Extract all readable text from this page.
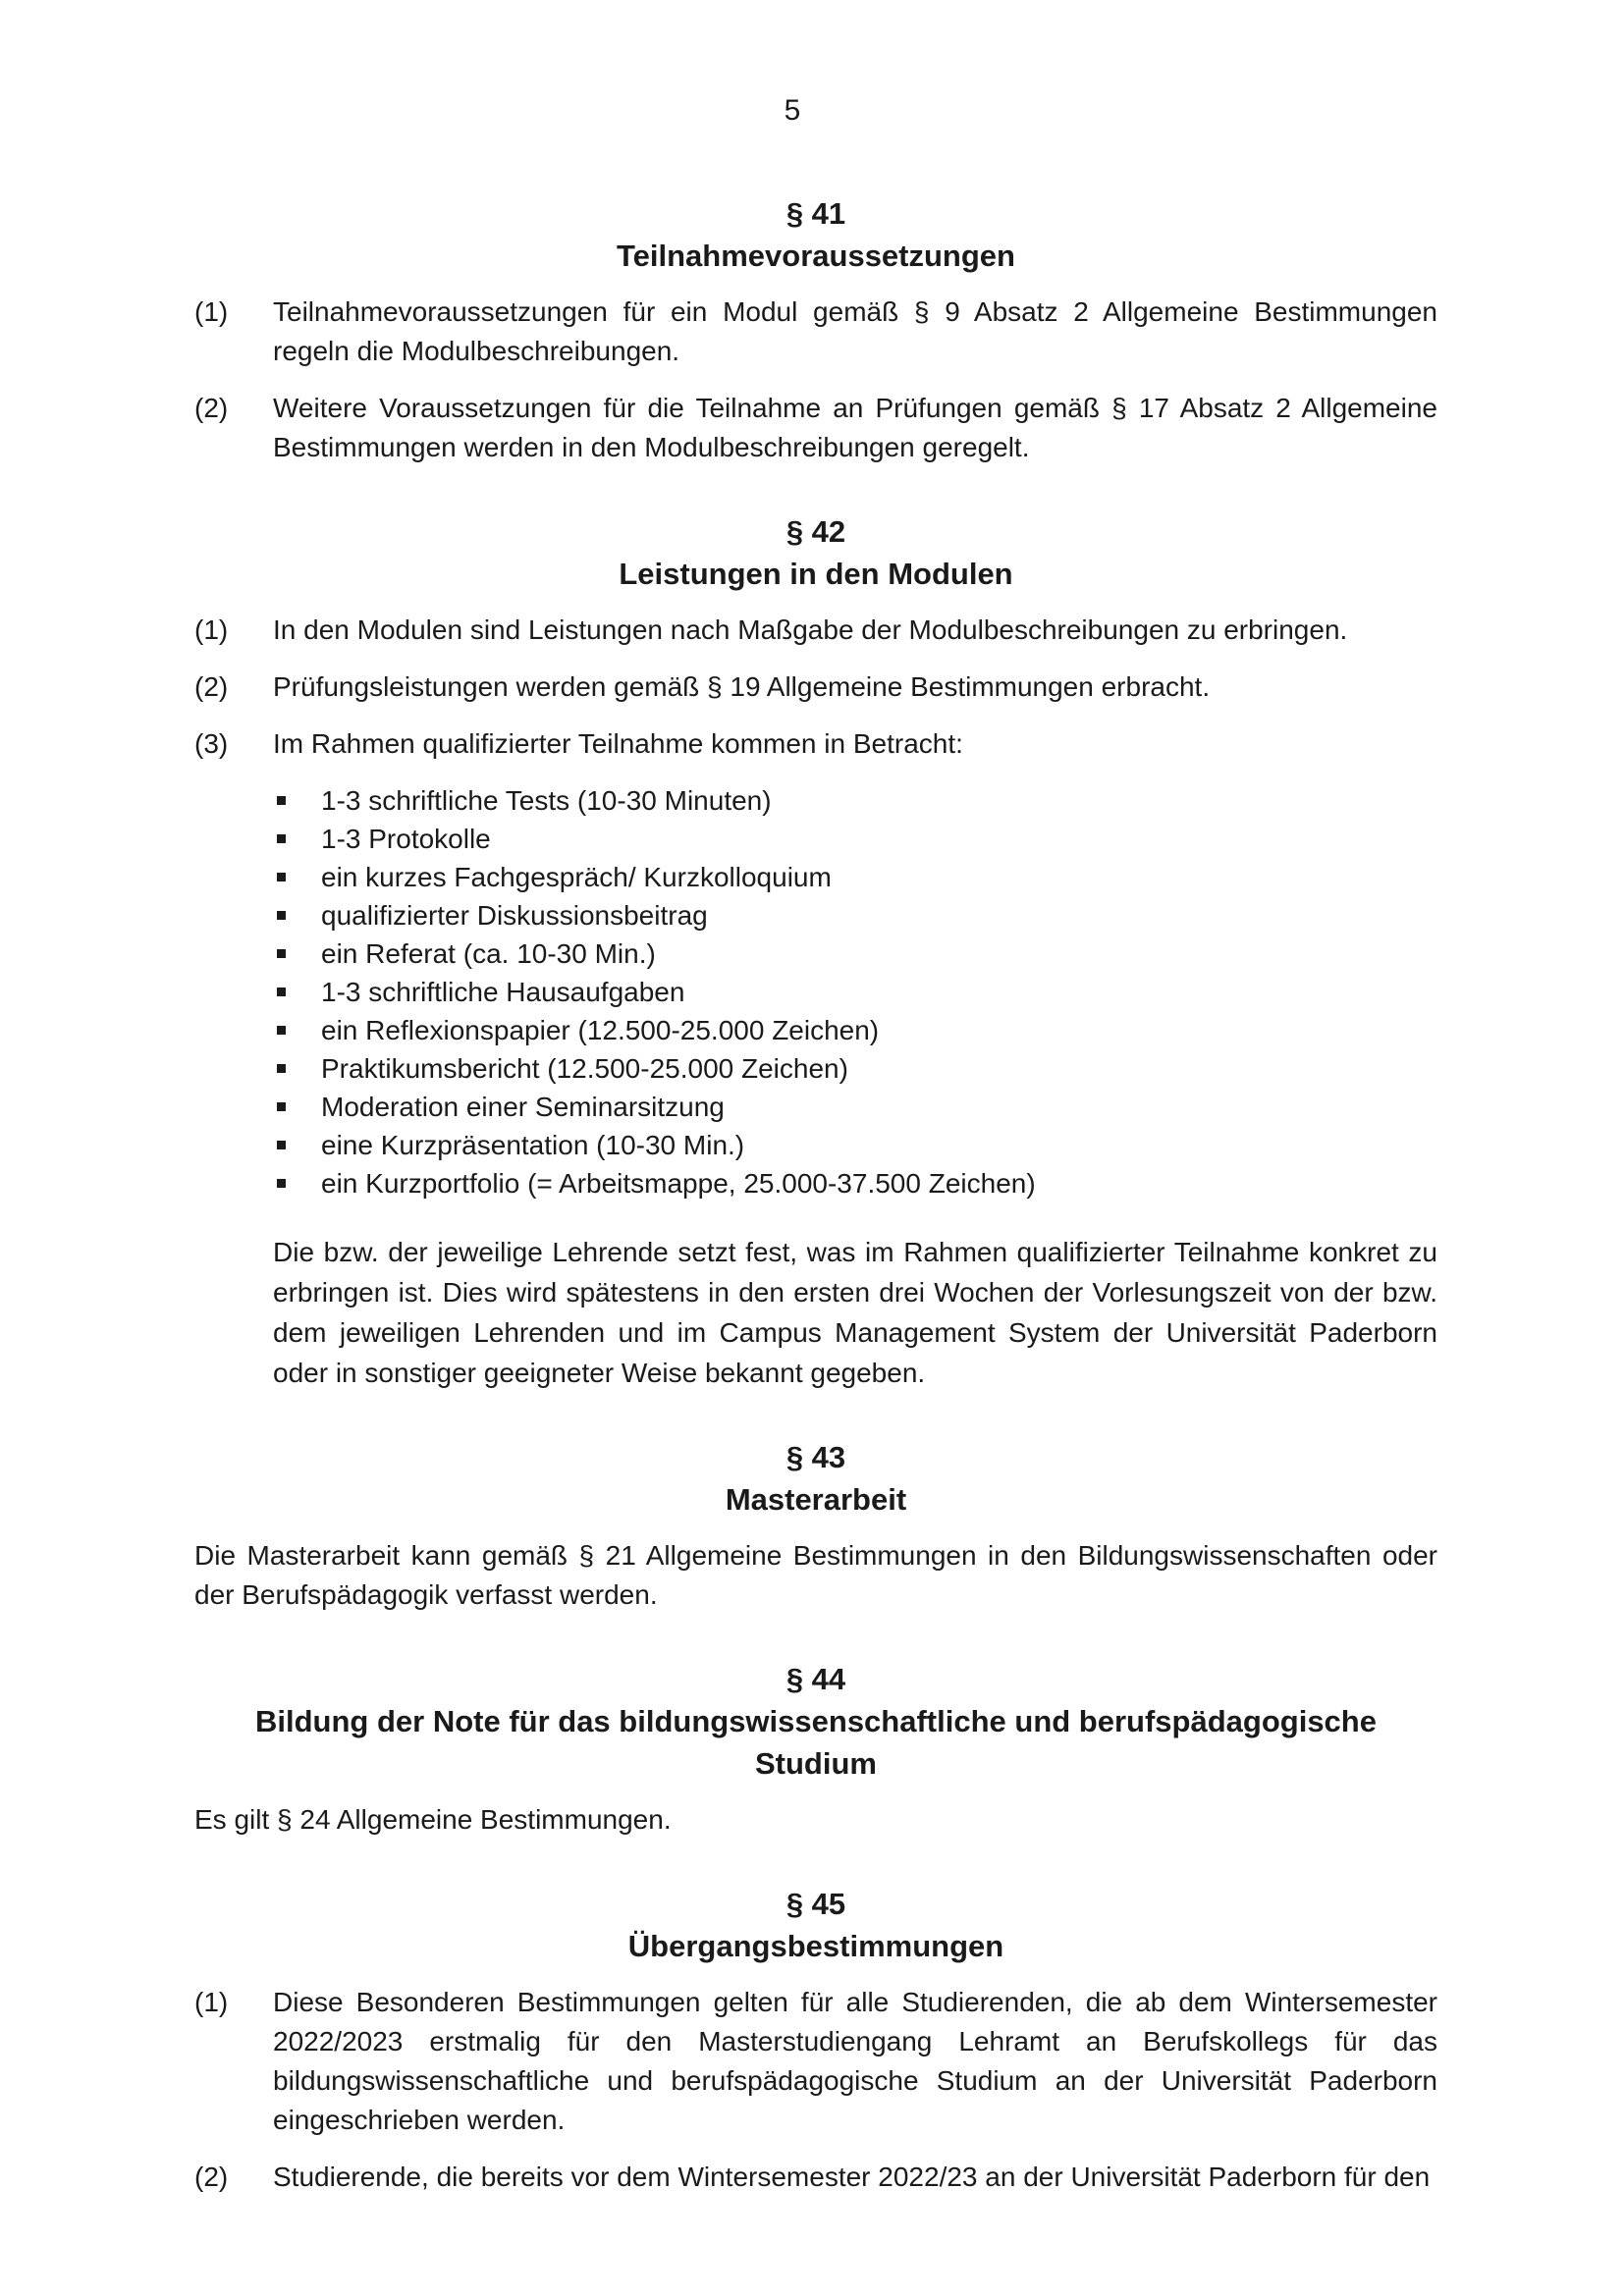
5
§ 41
Teilnahmevoraussetzungen
(1)	Teilnahmevoraussetzungen für ein Modul gemäß § 9 Absatz 2 Allgemeine Bestimmungen regeln die Modulbeschreibungen.
(2)	Weitere Voraussetzungen für die Teilnahme an Prüfungen gemäß § 17 Absatz 2 Allgemeine Bestimmungen werden in den Modulbeschreibungen geregelt.
§ 42
Leistungen in den Modulen
(1)	In den Modulen sind Leistungen nach Maßgabe der Modulbeschreibungen zu erbringen.
(2)	Prüfungsleistungen werden gemäß § 19 Allgemeine Bestimmungen erbracht.
(3)	Im Rahmen qualifizierter Teilnahme kommen in Betracht:
1-3 schriftliche Tests (10-30 Minuten)
1-3 Protokolle
ein kurzes Fachgespräch/ Kurzkolloquium
qualifizierter Diskussionsbeitrag
ein Referat (ca. 10-30 Min.)
1-3 schriftliche Hausaufgaben
ein Reflexionspapier (12.500-25.000 Zeichen)
Praktikumsbericht (12.500-25.000 Zeichen)
Moderation einer Seminarsitzung
eine Kurzpräsentation (10-30 Min.)
ein Kurzportfolio (= Arbeitsmappe, 25.000-37.500 Zeichen)
Die bzw. der jeweilige Lehrende setzt fest, was im Rahmen qualifizierter Teilnahme konkret zu erbringen ist. Dies wird spätestens in den ersten drei Wochen der Vorlesungszeit von der bzw. dem jeweiligen Lehrenden und im Campus Management System der Universität Paderborn oder in sonstiger geeigneter Weise bekannt gegeben.
§ 43
Masterarbeit
Die Masterarbeit kann gemäß § 21 Allgemeine Bestimmungen in den Bildungswissenschaften oder der Berufspädagogik verfasst werden.
§ 44
Bildung der Note für das bildungswissenschaftliche und berufspädagogische Studium
Es gilt § 24 Allgemeine Bestimmungen.
§ 45
Übergangsbestimmungen
(1)	Diese Besonderen Bestimmungen gelten für alle Studierenden, die ab dem Wintersemester 2022/2023 erstmalig für den Masterstudiengang Lehramt an Berufskollegs für das bildungswissenschaftliche und berufspädagogische Studium an der Universität Paderborn eingeschrieben werden.
(2)	Studierende, die bereits vor dem Wintersemester 2022/23 an der Universität Paderborn für den
